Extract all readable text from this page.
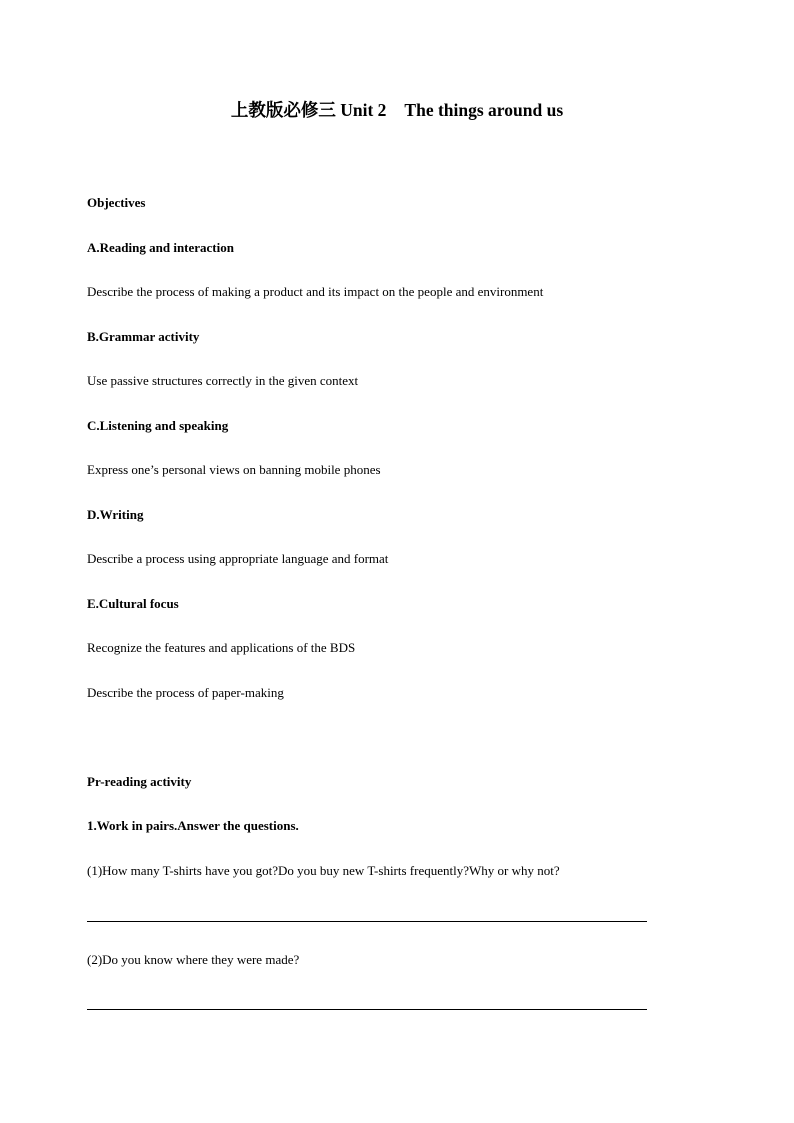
上教版必修三 Unit 2 The things around us
Objectives
A.Reading and interaction
Describe the process of making a product and its impact on the people and environment
B.Grammar activity
Use passive structures correctly in the given context
C.Listening and speaking
Express one’s personal views on banning mobile phones
D.Writing
Describe a process using appropriate language and format
E.Cultural focus
Recognize the features and applications of the BDS
Describe the process of paper-making
Pr-reading activity
1.Work in pairs.Answer the questions.
(1)How many T-shirts have you got?Do you buy new T-shirts frequently?Why or why not?
(2)Do you know where they were made?
